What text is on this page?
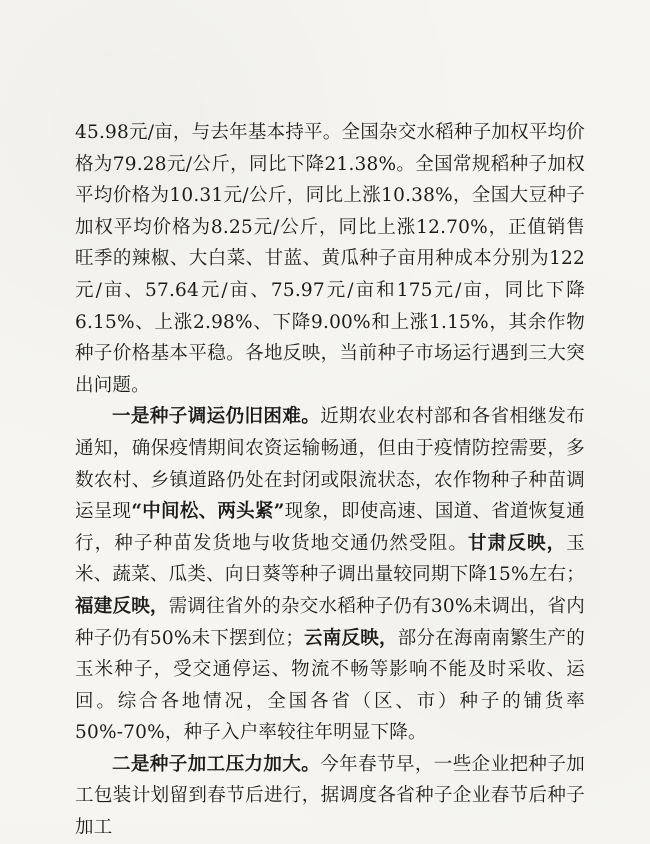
45.98元/亩，与去年基本持平。全国杂交水稻种子加权平均价格为79.28元/公斤，同比下降21.38%。全国常规稻种子加权平均价格为10.31元/公斤，同比上涨10.38%，全国大豆种子加权平均价格为8.25元/公斤，同比上涨12.70%，正值销售旺季的辣椒、大白菜、甘蓝、黄瓜种子亩用种成本分别为122元/亩、57.64元/亩、75.97元/亩和175元/亩，同比下降6.15%、上涨2.98%、下降9.00%和上涨1.15%，其余作物种子价格基本平稳。各地反映，当前种子市场运行遇到三大突出问题。

一是种子调运仍旧困难。近期农业农村部和各省相继发布通知，确保疫情期间农资运输畅通，但由于疫情防控需要，多数农村、乡镇道路仍处在封闭或限流状态，农作物种子种苗调运呈现“中间松、两头紧”现象，即使高速、国道、省道恢复通行，种子种苗发货地与收货地交通仍然受阻。甘肃反映，玉米、蔬菜、瓜类、向日葵等种子调出量较同期下降15%左右；福建反映，需调往省外的杂交水稻种子仍有30%未调出，省内种子仍有50%未下摆到位；云南反映，部分在海南南繁生产的玉米种子，受交通停运、物流不畅等影响不能及时采收、运回。综合各地情况，全国各省（区、市）种子的铺货率50%-70%，种子入户率较往年明显下降。

二是种子加工压力加大。今年春节早，一些企业把种子加工包装计划留到春节后进行，据调度各省种子企业春节后种子加工
